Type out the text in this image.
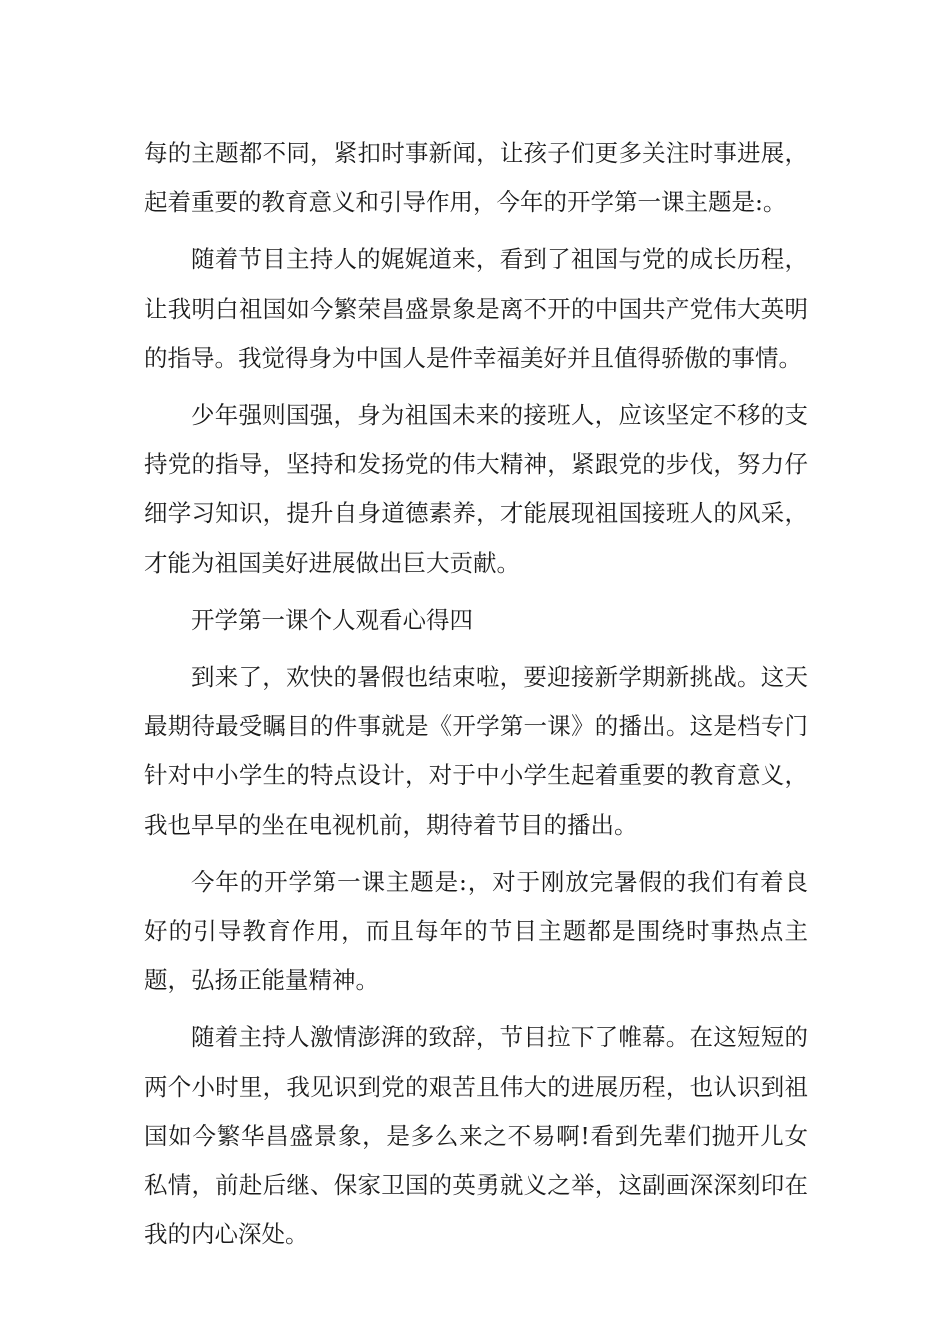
每的主题都不同，紧扣时事新闻，让孩子们更多关注时事进展，起着重要的教育意义和引导作用，今年的开学第一课主题是:。

随着节目主持人的娓娓道来，看到了祖国与党的成长历程，让我明白祖国如今繁荣昌盛景象是离不开的中国共产党伟大英明的指导。我觉得身为中国人是件幸福美好并且值得骄傲的事情。

少年强则国强，身为祖国未来的接班人，应该坚定不移的支持党的指导，坚持和发扬党的伟大精神，紧跟党的步伐，努力仔细学习知识，提升自身道德素养，才能展现祖国接班人的风采，才能为祖国美好进展做出巨大贡献。

开学第一课个人观看心得四

到来了，欢快的暑假也结束啦，要迎接新学期新挑战。这天最期待最受瞩目的件事就是《开学第一课》的播出。这是档专门针对中小学生的特点设计，对于中小学生起着重要的教育意义，我也早早的坐在电视机前，期待着节目的播出。

今年的开学第一课主题是:，对于刚放完暑假的我们有着良好的引导教育作用，而且每年的节目主题都是围绕时事热点主题，弘扬正能量精神。

随着主持人激情澎湃的致辞，节目拉下了帷幕。在这短短的两个小时里，我见识到党的艰苦且伟大的进展历程，也认识到祖国如今繁华昌盛景象，是多么来之不易啊!看到先辈们抛开儿女私情，前赴后继、保家卫国的英勇就义之举，这副画深深刻印在我的内心深处。
